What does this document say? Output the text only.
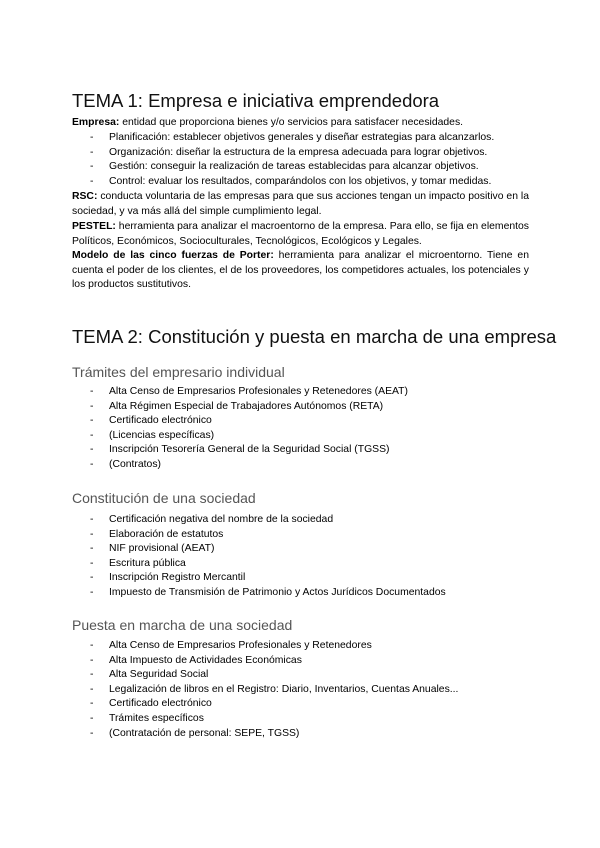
TEMA 1: Empresa e iniciativa emprendedora

Empresa: entidad que proporciona bienes y/o servicios para satisfacer necesidades.

- Planificación: establecer objetivos generales y diseñar estrategias para alcanzarlos.
- Organización: diseñar la estructura de la empresa adecuada para lograr objetivos.
- Gestión: conseguir la realización de tareas establecidas para alcanzar objetivos.
- Control: evaluar los resultados, comparándolos con los objetivos, y tomar medidas.

RSC: conducta voluntaria de las empresas para que sus acciones tengan un impacto positivo en la sociedad, y va más allá del simple cumplimiento legal.

PESTEL: herramienta para analizar el macroentorno de la empresa. Para ello, se fija en elementos Políticos, Económicos, Socioculturales, Tecnológicos, Ecológicos y Legales.

Modelo de las cinco fuerzas de Porter: herramienta para analizar el microentorno. Tiene en cuenta el poder de los clientes, el de los proveedores, los competidores actuales, los potenciales y los productos sustitutivos.

TEMA 2: Constitución y puesta en marcha de una empresa
Trámites del empresario individual
- Alta Censo de Empresarios Profesionales y Retenedores (AEAT)
- Alta Régimen Especial de Trabajadores Autónomos (RETA)
- Certificado electrónico
- (Licencias específicas)
- Inscripción Tesorería General de la Seguridad Social (TGSS)
- (Contratos)
Constitución de una sociedad
- Certificación negativa del nombre de la sociedad
- Elaboración de estatutos
- NIF provisional (AEAT)
- Escritura pública
- Inscripción Registro Mercantil
- Impuesto de Transmisión de Patrimonio y Actos Jurídicos Documentados
Puesta en marcha de una sociedad
- Alta Censo de Empresarios Profesionales y Retenedores
- Alta Impuesto de Actividades Económicas
- Alta Seguridad Social
- Legalización de libros en el Registro: Diario, Inventarios, Cuentas Anuales...
- Certificado electrónico
- Trámites específicos
- (Contratación de personal: SEPE, TGSS)
